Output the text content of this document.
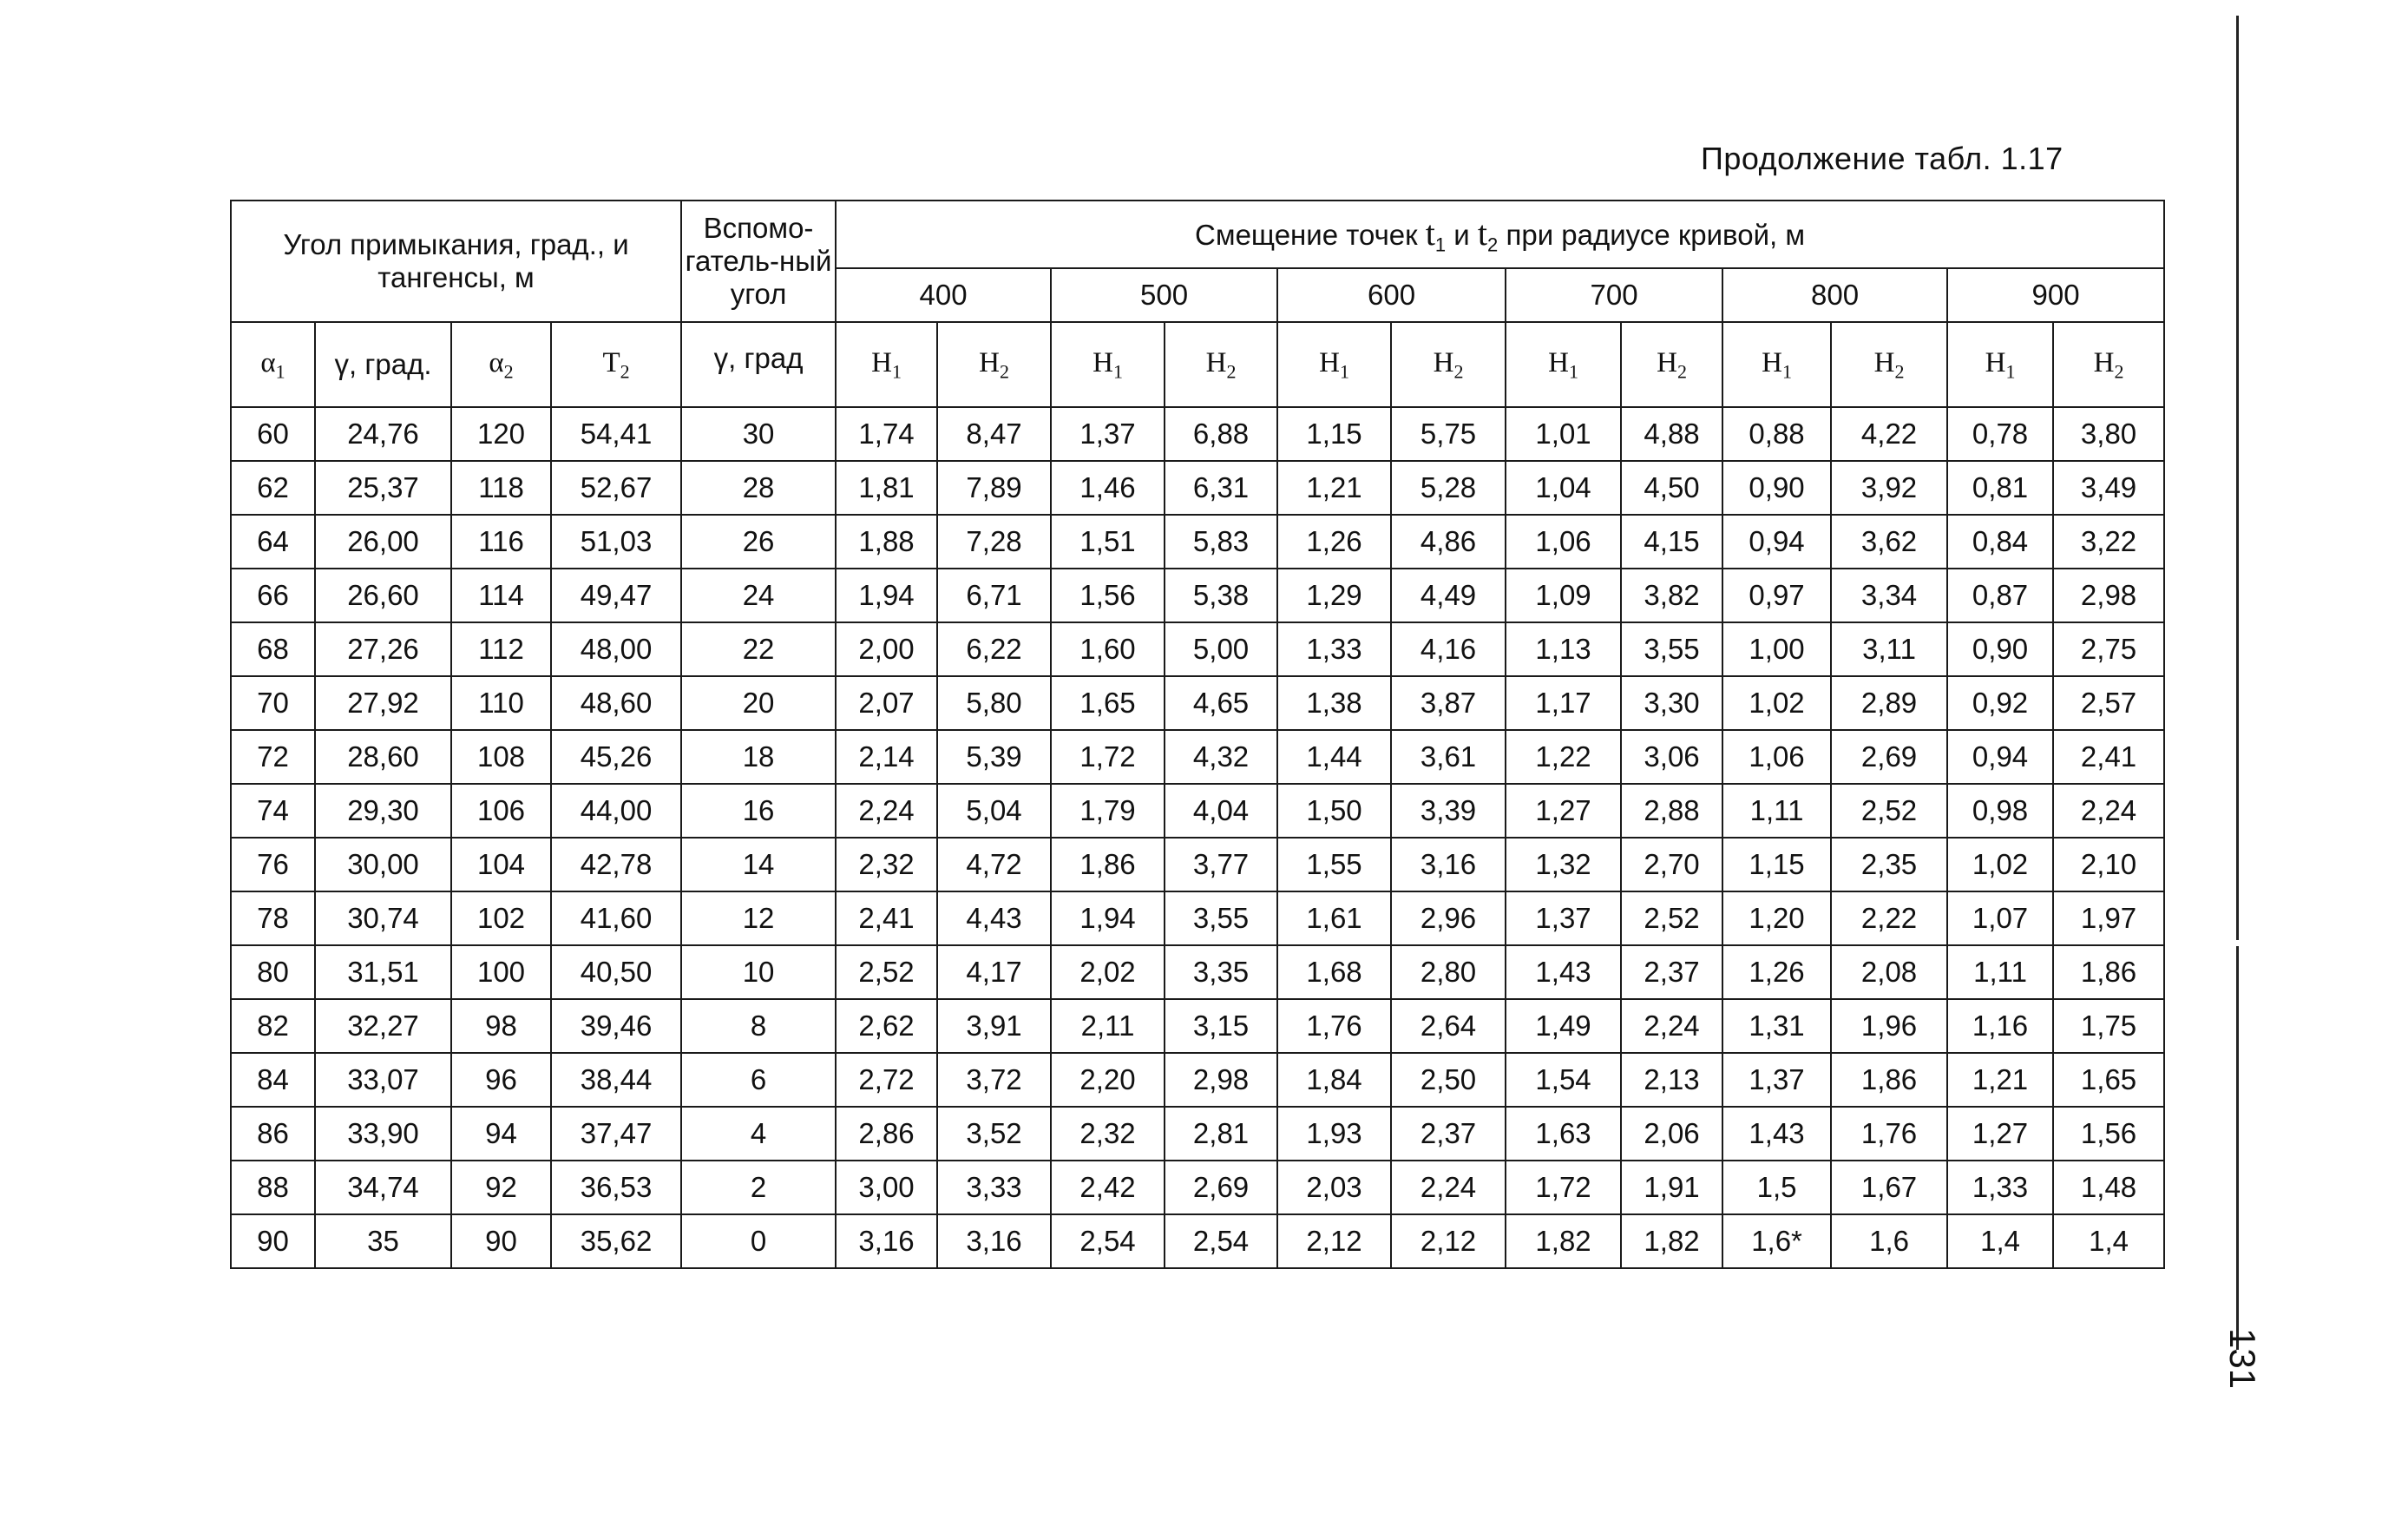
Продолжение табл. 1.17
131
Угол примыкания, град., и тангенсы, м				Вспомо-гатель-ный угол	Смещение точек $t_1$ и $t_2$ при радиусе кривой, м											
					400		500		600		700		800		900	
$\alpha_1$	γ, град.	$\alpha_2$	$T_2$	γ, град	$H_1$	$H_2$	$H_1$	$H_2$	$H_1$	$H_2$	$H_1$	$H_2$	$H_1$	$H_2$	$H_1$	$H_2$
60	24,76	120	54,41	30	1,74	8,47	1,37	6,88	1,15	5,75	1,01	4,88	0,88	4,22	0,78	3,80
62	25,37	118	52,67	28	1,81	7,89	1,46	6,31	1,21	5,28	1,04	4,50	0,90	3,92	0,81	3,49
64	26,00	116	51,03	26	1,88	7,28	1,51	5,83	1,26	4,86	1,06	4,15	0,94	3,62	0,84	3,22
66	26,60	114	49,47	24	1,94	6,71	1,56	5,38	1,29	4,49	1,09	3,82	0,97	3,34	0,87	2,98
68	27,26	112	48,00	22	2,00	6,22	1,60	5,00	1,33	4,16	1,13	3,55	1,00	3,11	0,90	2,75
70	27,92	110	48,60	20	2,07	5,80	1,65	4,65	1,38	3,87	1,17	3,30	1,02	2,89	0,92	2,57
72	28,60	108	45,26	18	2,14	5,39	1,72	4,32	1,44	3,61	1,22	3,06	1,06	2,69	0,94	2,41
74	29,30	106	44,00	16	2,24	5,04	1,79	4,04	1,50	3,39	1,27	2,88	1,11	2,52	0,98	2,24
76	30,00	104	42,78	14	2,32	4,72	1,86	3,77	1,55	3,16	1,32	2,70	1,15	2,35	1,02	2,10
78	30,74	102	41,60	12	2,41	4,43	1,94	3,55	1,61	2,96	1,37	2,52	1,20	2,22	1,07	1,97
80	31,51	100	40,50	10	2,52	4,17	2,02	3,35	1,68	2,80	1,43	2,37	1,26	2,08	1,11	1,86
82	32,27	98	39,46	8	2,62	3,91	2,11	3,15	1,76	2,64	1,49	2,24	1,31	1,96	1,16	1,75
84	33,07	96	38,44	6	2,72	3,72	2,20	2,98	1,84	2,50	1,54	2,13	1,37	1,86	1,21	1,65
86	33,90	94	37,47	4	2,86	3,52	2,32	2,81	1,93	2,37	1,63	2,06	1,43	1,76	1,27	1,56
88	34,74	92	36,53	2	3,00	3,33	2,42	2,69	2,03	2,24	1,72	1,91	1,5	1,67	1,33	1,48
90	35	90	35,62	0	3,16	3,16	2,54	2,54	2,12	2,12	1,82	1,82	1,6*	1,6	1,4	1,4
